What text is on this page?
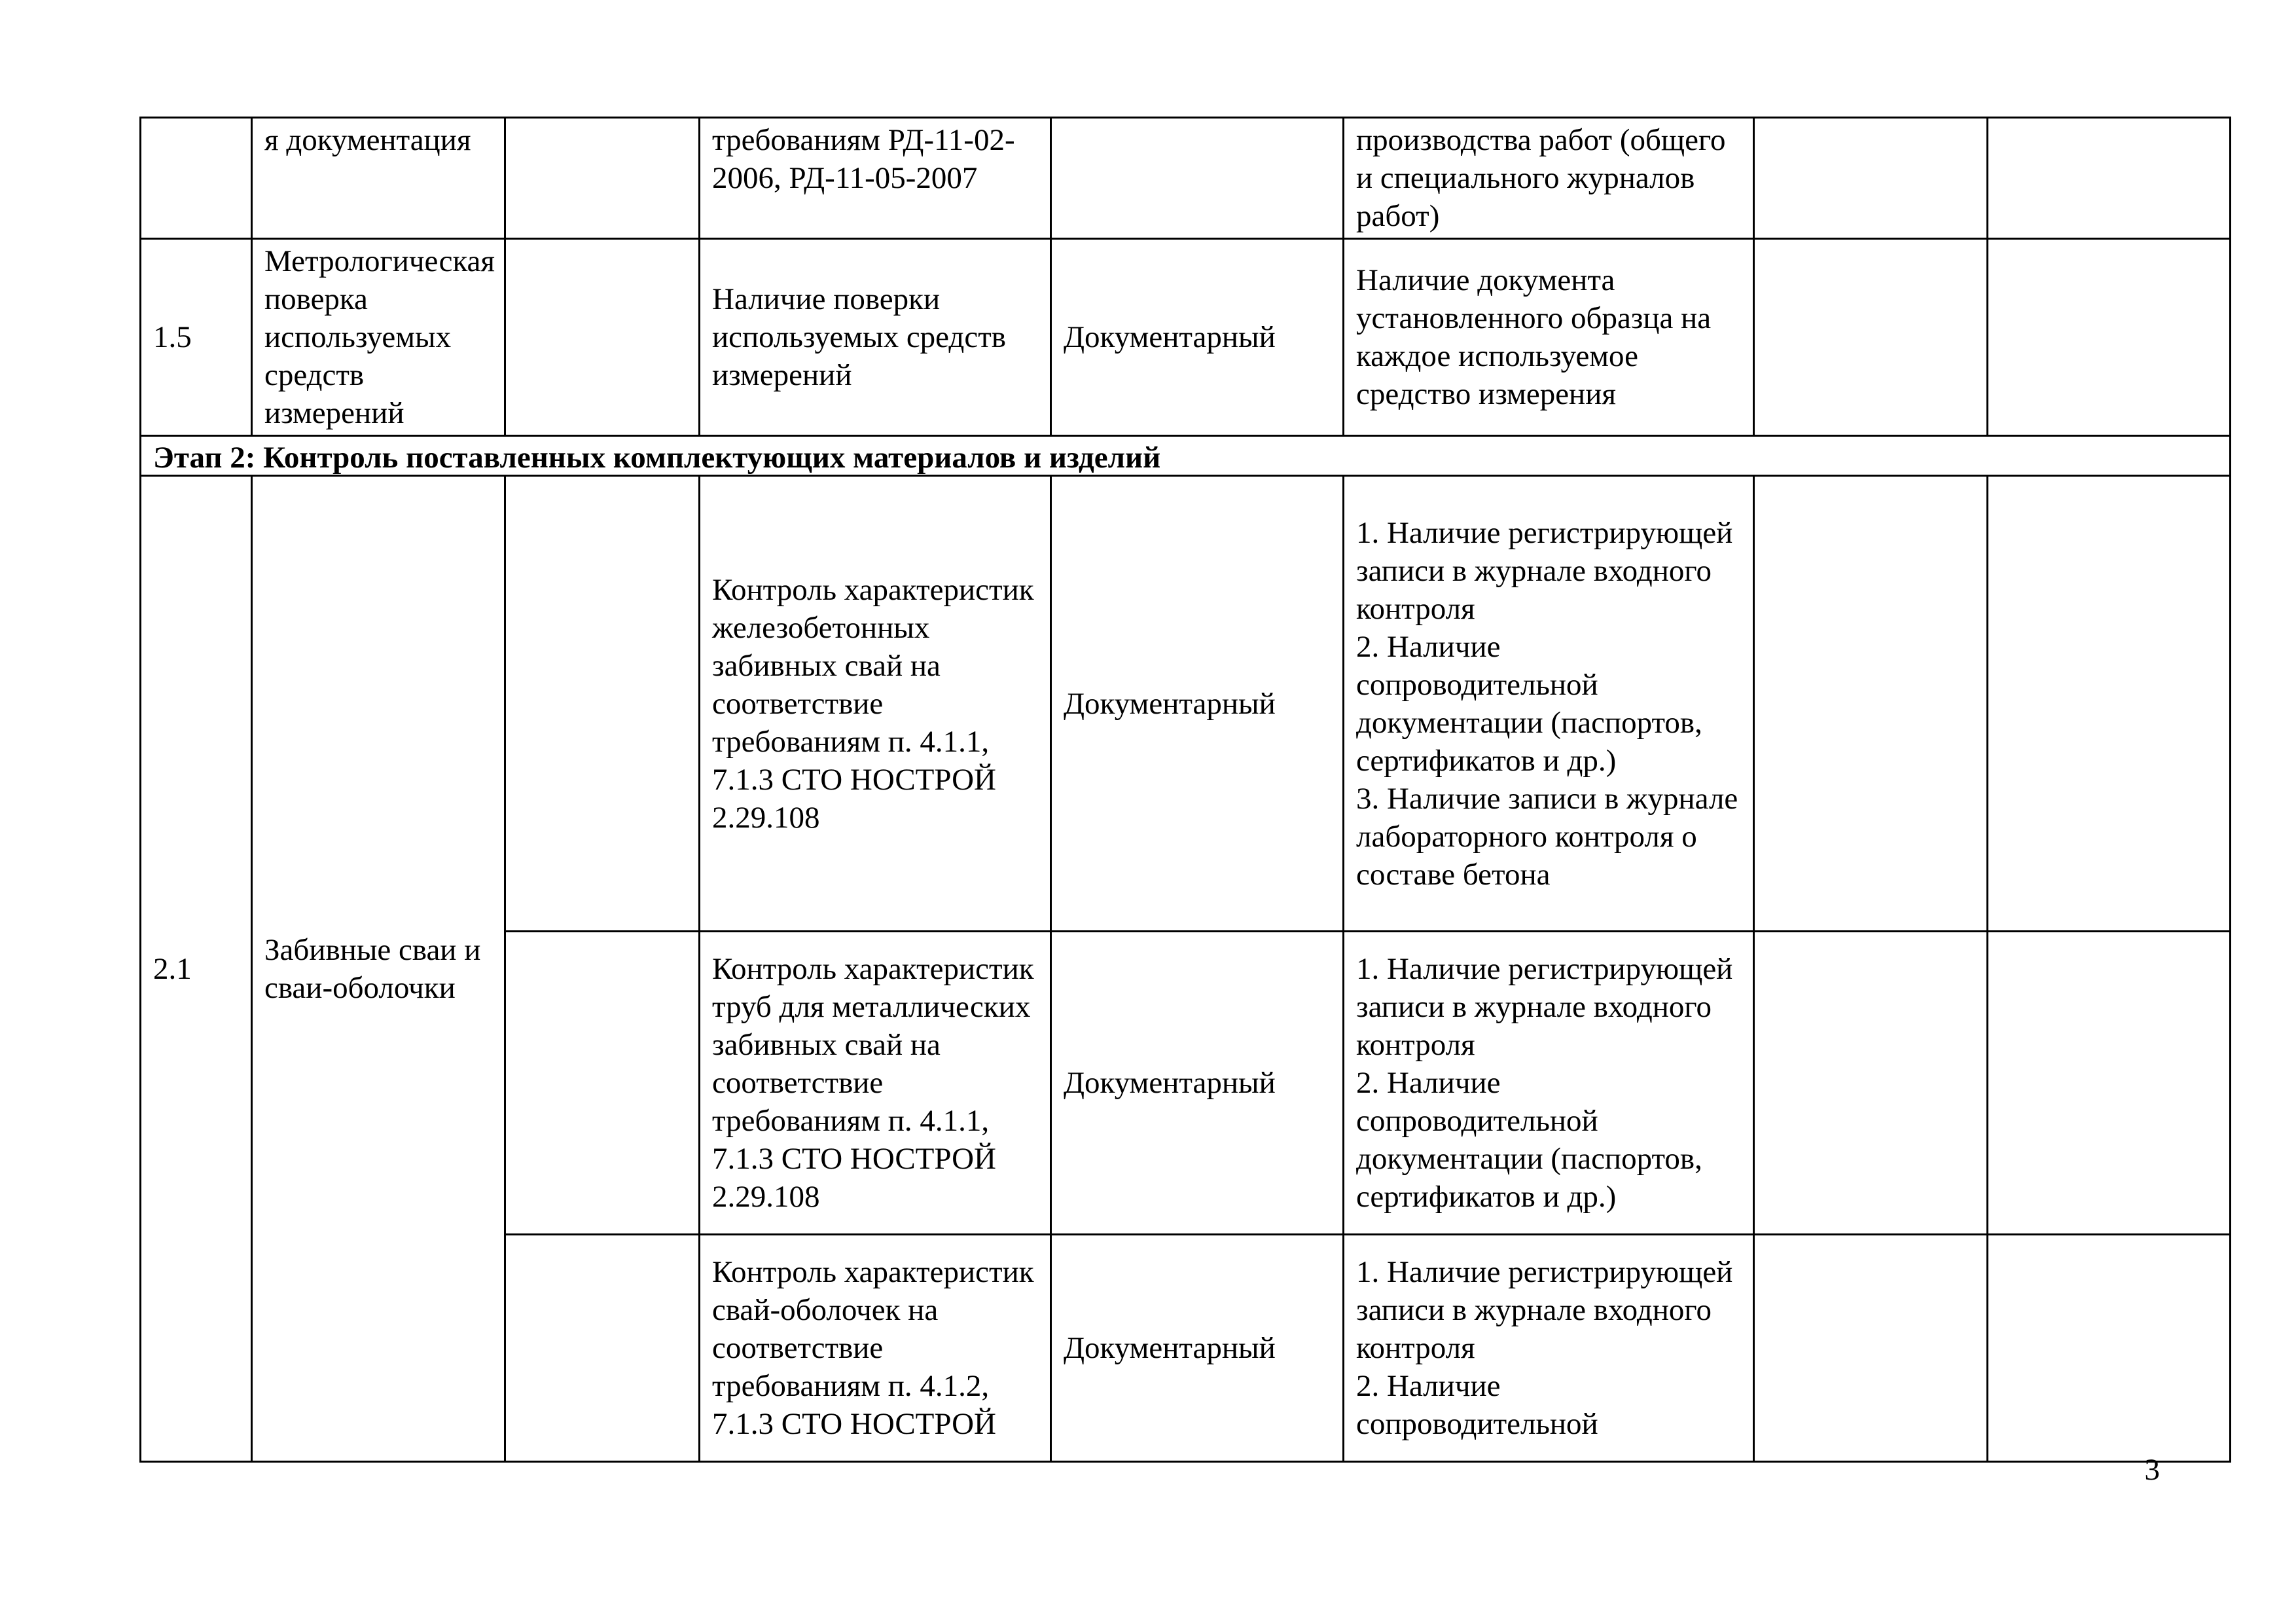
	я документация		требованиям РД-11-02-2006, РД-11-05-2007		производства работ (общего и специального журналов работ)		

1.5	Метрологическая поверка используемых средств измерений		Наличие поверки используемых средств измерений	Документарный	Наличие документа установленного образца на каждое используемое средство измерения		

Этап 2: Контроль поставленных комплектующих материалов и изделий							
2.1	Забивные сваи и сваи-оболочки		Контроль характеристик железобетонных забивных свай на соответствие требованиям п. 4.1.1, 7.1.3 СТО НОСТРОЙ 2.29.108	Документарный	1. Наличие регистрирующей записи в журнале входного контроля
2. Наличие сопроводительной документации (паспортов, сертификатов и др.)
3. Наличие записи в журнале лабораторного контроля о составе бетона		

			Контроль характеристик труб для металлических забивных свай на соответствие требованиям п. 4.1.1, 7.1.3 СТО НОСТРОЙ 2.29.108	Документарный	1. Наличие регистрирующей записи в журнале входного контроля
2. Наличие сопроводительной документации (паспортов, сертификатов и др.)		

			Контроль характеристик свай-оболочек на соответствие требованиям п. 4.1.2, 7.1.3 СТО НОСТРОЙ	Документарный	1. Наличие регистрирующей записи в журнале входного контроля
2. Наличие сопроводительной		

3
